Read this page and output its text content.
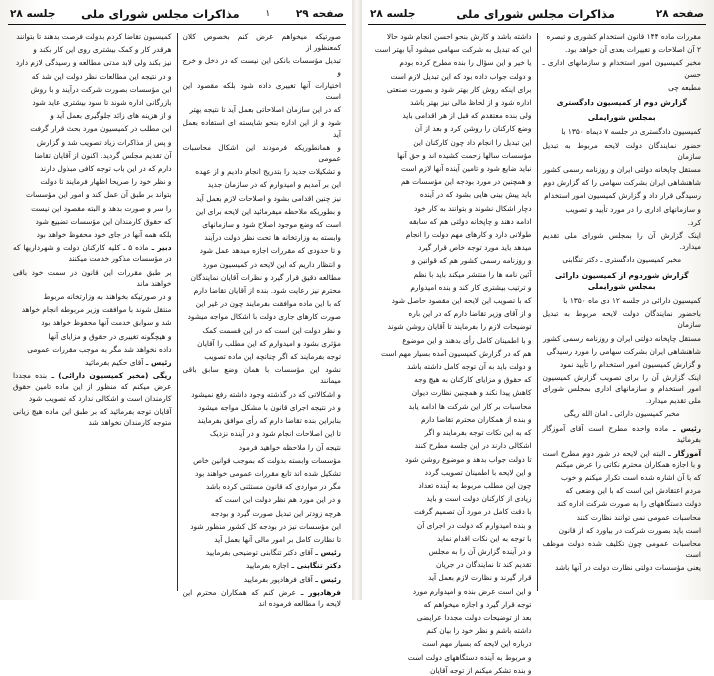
صفحه ۲۹
۱
مذاکرات مجلس شورای ملی
جلسه ۲۸

صورتیکه میخواهم عرض کنم بخصوص کلان کمعنظور از

تبدیل مؤسسات بانکی این نیست که در دخل و خرج و

اختیارات آنها تغییری داده شود بلکه مقصود این است

که در این سازمان اصلاحاتی بعمل آید تا نتیجه بهتر

شود و از این اداره بنحو شایسته ای استفاده بعمل آید

و همانطوریکه فرمودند این اشکال محاسبات عمومی

و تشکیلات جدید را بتدریج انجام دادیم و از عهده

این بر آمدیم و امیدوارم که در سازمان جدید

نیز چنین اقدامی بشود و اصلاحات لازم بعمل آید

و بطوریکه ملاحظه میفرمائید این لایحه برای این

است که وضع موجود اصلاح شود و سازمانهای

وابسته به وزارتخانه ها تحت نظر دولت درآیند

و تا حدودی که مقررات اجازه میدهد عمل شود

و انتظار داریم که این لایحه در کمیسیون مورد

مطالعه دقیق قرار گیرد و نظرات آقایان نمایندگان

محترم نیز رعایت شود. بنده از آقایان تقاضا دارم

که با این ماده موافقت بفرمایند چون در غیر این

صورت کارهای جاری دولت با اشکال مواجه میشود

و نظر دولت این است که در این قسمت کمک

مؤثری بشود و امیدوارم که این مطلب را آقایان

توجه بفرمایند که اگر چنانچه این ماده تصویب

نشود این مؤسسات با همان وضع سابق باقی میمانند

و اشکالاتی که در گذشته وجود داشته رفع نمیشود

و در نتیجه اجرای قانون با مشکل مواجه میشود

بنابراین بنده تقاضا دارم که رأی موافق بفرمایند

تا این اصلاحات انجام شود و در آینده نزدیک

نتیجه آن را ملاحظه خواهید فرمود

مؤسسات وابسته بدولت که بموجب قوانین خاص

تشکیل شده اند تابع مقررات عمومی خواهند بود

مگر در مواردی که قانون مستثنی کرده باشد

و در این مورد هم نظر دولت این است که

هرچه زودتر این تبدیل صورت گیرد و بودجه

این مؤسسات نیز در بودجه کل کشور منظور شود

تا نظارت کامل بر امور مالی آنها بعمل آید

رئیس ـ آقای دکتر تنگابنی توضیحی بفرمایید

دکتر تنگابنی ـ اجازه بفرمایید

رئیس ـ آقای فرهادپور بفرمایید

فرهادپور ـ عرض کنم که همکاران محترم این لایحه را مطالعه فرموده اند

کمیسیون تقاضا کردم بدولت فرصت بدهند تا بتوانند

هرقدر کار و کمک بیشتری روی این کار بکند و

نیز بکند ولی لابد مدتی مطالعه و رسیدگی لازم دارد

و در نتیجه این مطالعات نظر دولت این شد که

این مؤسسات بصورت شرکت درآیند و با روش

بازرگانی اداره شوند تا سود بیشتری عاید شود

و از هزینه های زائد جلوگیری بعمل آید و

این مطلب در کمیسیون مورد بحث قرار گرفت

و پس از مذاکرات زیاد تصویب شد و گزارش

آن تقدیم مجلس گردید. اکنون از آقایان تقاضا

دارم که در این باب توجه کافی مبذول دارند

و نظر خود را صریحا اظهار فرمایند تا دولت

بتواند بر طبق آن عمل کند و امور این مؤسسات

را سر و صورت بدهد و البته مقصود این نیست

که حقوق کارمندان این مؤسسات تضییع شود

بلکه همه آنها در جای خود محفوظ خواهد بود

دبیر ـ ماده ۵ ـ کلیه کارکنان دولت و شهرداریها که در مؤسسات مذکور خدمت میکنند

بر طبق مقررات این قانون در سمت خود باقی خواهند ماند

و در صورتیکه بخواهند به وزارتخانه مربوط

منتقل شوند با موافقت وزیر مربوطه انجام خواهد

شد و سوابق خدمت آنها محفوظ خواهد بود

و هیچگونه تغییری در حقوق و مزایای آنها

داده نخواهد شد مگر به موجب مقررات عمومی

رئیس ـ آقای حکیم بفرمائید

ریگی (مخبر کمیسیون دارائی) ـ بنده مجددا عرض میکنم که منظور از این ماده تامین حقوق کارمندان است و اشکالی ندارد که تصویب شود

آقایان توجه بفرمائید که بر طبق این ماده هیچ زیانی متوجه کارمندان نخواهد شد

صفحه ۲۸
مذاکرات مجلس شورای ملی
جلسه ۲۸

مقررات ماده ۱۴۴ قانون استخدام کشوری و تبصره

۲ آن اصلاحات و تغییرات بعدی آن خواهد بود.

مخبر کمیسیون امور استخدام و سازمانهای اداری ـ حسن

مطبعه چی

گزارش دوم از کمیسیون دادگستری

بمجلس شورایملی

کمیسیون دادگستری در جلسه ۷ دیماه ۱۳۵۰ با

حضور نمایندگان دولت لایحه مربوط به تبدیل سازمان

مستقل چاپخانه دولتی ایران و روزنامه رسمی کشور

شاهنشاهی ایران بشرکت سهامی را که گزارش دوم

رسیدگی قرار داد و گزارش کمیسیون امور استخدام

و سازمانهای اداری را در مورد تأیید و تصویب

کرد.

اینک گزارش آن را بمجلس شورای ملی تقدیم میدارد.

مخبر کمیسیون دادگستری ـ دکتر تنگابنی

گزارش شوردوم از کمیسیون دارائی بمجلس شورایملی

کمیسیون دارائی در جلسه ۱۲ دی ماه ۱۳۵۰ با

باحضور نمایندگان دولت لایحه مربوط به تبدیل سازمان

مستقل چاپخانه دولتی ایران و روزنامه رسمی کشور

شاهنشاهی ایران بشرکت سهامی را مورد رسیدگی

و گزارش کمیسیون امور استخدام را تأیید نمود

اینک گزارش آن را برای تصویب گزارش کمیسیون امور استخدام و سازمانهای اداری بمجلس شورای ملی تقدیم میدارد.

مخبر کمیسیون دارائی ـ امان الله ریگی

رئیس ـ ماده واحده مطرح است آقای آموزگار بفرمائید

آموزگار ـ البته این لایحه در شور دوم مطرح است و با اجازه همکاران محترم نکاتی را عرض میکنم

که با آن اشاره شده است تکرار میکنم و خوب

مردم اعتقادش این است که با این وضعی که

دولت دستگاههای را به صورت شرکت اداره کند

محاسبات عمومی نمی توانند نظارت کنند

است باید بصورت شرکت در بیاورد که از قانون

محاسبات عمومی چون تکلیف شده دولت موظف است

یعنی مؤسسات دولتی نظارت دولت در آنها باشد

داشته باشد و کارش بنحو احسن انجام شود حالا

این که تبدیل به شرکت سهامی میشود آیا بهتر است

یا خیر و این سؤال را بنده مطرح کرده بودم

و دولت جواب داده بود که این تبدیل لازم است

برای اینکه روش کار بهتر شود و بصورت صنعتی

اداره شود و از لحاظ مالی نیز بهتر باشد

ولی بنده معتقدم که قبل از هر اقدامی باید

وضع کارکنان را روشن کرد و بعد از آن

این تبدیل را انجام داد چون کارکنان این

مؤسسات سالها زحمت کشیده اند و حق آنها

نباید ضایع شود و تامین آینده آنها لازم است

و همچنین در مورد بودجه این مؤسسات هم

باید پیش بینی هایی بشود که در آینده

دچار اشکال نشوند و بتوانند به کار خود

ادامه دهند و چاپخانه دولتی هم که سابقه

طولانی دارد و کارهای مهم دولت را انجام

میدهد باید مورد توجه خاص قرار گیرد

و روزنامه رسمی کشور هم که قوانین و

آئین نامه ها را منتشر میکند باید با نظم

و ترتیب بیشتری کار کند و بنده امیدوارم

که با تصویب این لایحه این مقصود حاصل شود

و از آقای وزیر تقاضا دارم که در این باره

توضیحات لازم را بفرمایند تا آقایان روشن شوند

و با اطمینان کامل رأی بدهند و این موضوع

هم که در گزارش کمیسیون آمده بسیار مهم است

و دولت باید به آن توجه کامل داشته باشد

که حقوق و مزایای کارکنان به هیچ وجه

کاهش پیدا نکند و همچنین نظارت دیوان

محاسبات بر کار این شرکت ها ادامه یابد

و بنده از همکاران محترم تقاضا دارم

که به این نکات توجه بفرمایند و اگر

اشکالی دارند در این جلسه مطرح کنند

تا دولت جواب بدهد و موضوع روشن شود

و این لایحه با اطمینان تصویب گردد

چون این مطلب مربوط به آینده تعداد

زیادی از کارکنان دولت است و باید

با دقت کامل در مورد آن تصمیم گرفت

و بنده امیدوارم که دولت در اجرای آن

با توجه به این نکات اقدام نماید

و در آینده گزارش آن را به مجلس

تقدیم کند تا نمایندگان در جریان

قرار گیرند و نظارت لازم بعمل آید

و این است عرض بنده و امیدوارم مورد

توجه قرار گیرد و اجازه میخواهم که

بعد از توضیحات دولت مجددا عرایضی

داشته باشم و نظر خود را بیان کنم

درباره این لایحه که بسیار مهم است

و مربوط به آینده دستگاههای دولت است

و بنده تشکر میکنم از توجه آقایان
